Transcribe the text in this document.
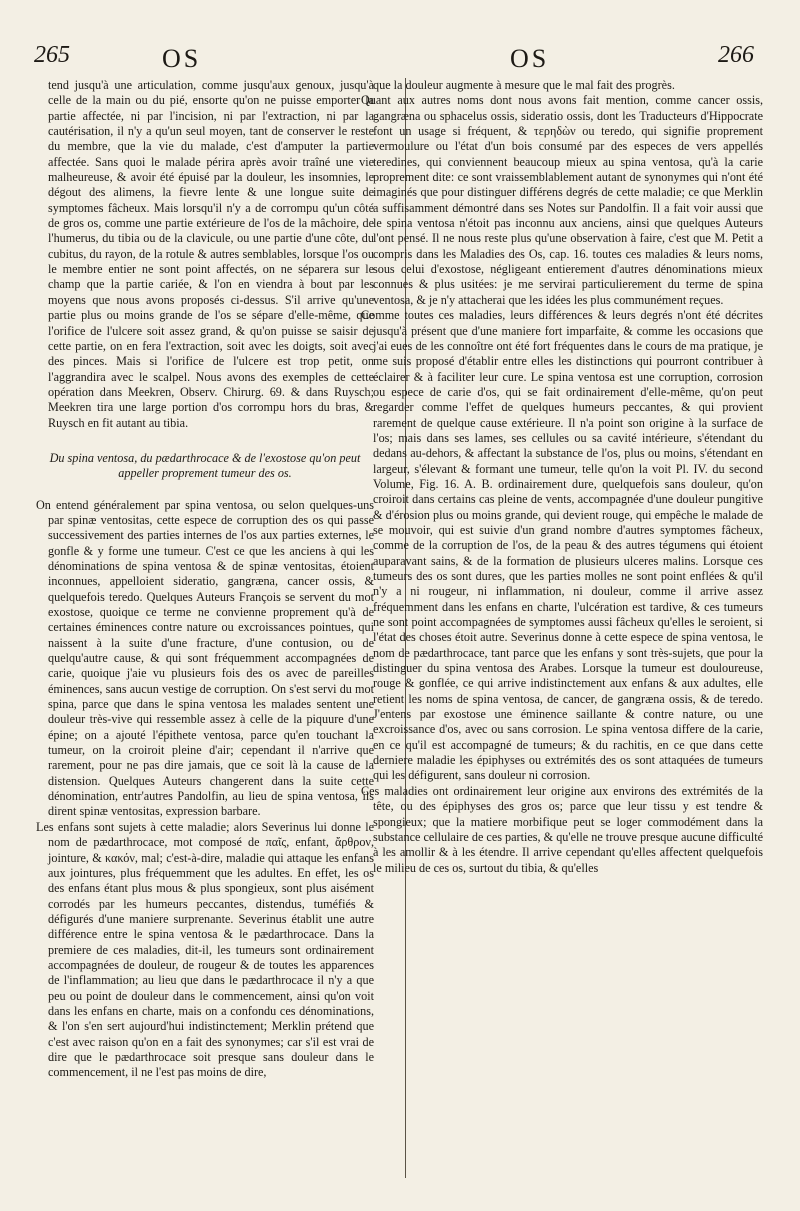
265	OS	OS	266

tend jusqu'à une articulation, comme jusqu'aux genoux, jusqu'à celle de la main ou du pié, ensorte qu'on ne puisse emporter la partie affectée, ni par l'incision, ni par l'extraction, ni par la cautérisation, il n'y a qu'un seul moyen, tant de conserver le reste du membre, que la vie du malade, c'est d'amputer la partie affectée. Sans quoi le malade périra après avoir traîné une vie malheureuse, & avoir été épuisé par la douleur, les insomnies, le dégout des alimens, la fievre lente & une longue suite de symptomes fâcheux. Mais lorsqu'il n'y a de corrompu qu'un côté de gros os, comme une partie extérieure de l'os de la mâchoire, de l'humerus, du tibia ou de la clavicule, ou une partie d'une côte, du cubitus, du rayon, de la rotule & autres semblables, lorsque l'os ou le membre entier ne sont point affectés, on ne séparera sur le champ que la partie cariée, & l'on en viendra à bout par les moyens que nous avons proposés ci-dessus. S'il arrive qu'une partie plus ou moins grande de l'os se sépare d'elle-même, que l'orifice de l'ulcere soit assez grand, & qu'on puisse se saisir de cette partie, on en fera l'extraction, soit avec les doigts, soit avec des pinces. Mais si l'orifice de l'ulcere est trop petit, on l'aggrandira avec le scalpel. Nous avons des exemples de cette opération dans Meekren, Observ. Chirurg. 69. & dans Ruysch; Meekren tira une large portion d'os corrompu hors du bras, & Ruysch en fit autant au tibia.

Du spina ventosa, du pædarthrocace & de l'exostose qu'on peut appeller proprement tumeur des os.

On entend généralement par spina ventosa, ou selon quelques-uns par spinæ ventositas, cette espece de corruption des os qui passe successivement des parties internes de l'os aux parties externes, le gonfle & y forme une tumeur. C'est ce que les anciens à qui les dénominations de spina ventosa & de spinæ ventositas, étoient inconnues, appelloient sideratio, gangræna, cancer ossis, & quelquefois teredo. Quelques Auteurs François se servent du mot exostose, quoique ce terme ne convienne proprement qu'à de certaines éminences contre nature ou excroissances pointues, qui naissent à la suite d'une fracture, d'une contusion, ou de quelqu'autre cause, & qui sont fréquemment accompagnées de carie, quoique j'aie vu plusieurs fois des os avec de pareilles éminences, sans aucun vestige de corruption. On s'est servi du mot spina, parce que dans le spina ventosa les malades sentent une douleur très-vive qui ressemble assez à celle de la piquure d'une épine; on a ajouté l'épithete ventosa, parce qu'en touchant la tumeur, on la croiroit pleine d'air; cependant il n'arrive que rarement, pour ne pas dire jamais, que ce soit là la cause de la distension. Quelques Auteurs changerent dans la suite cette dénomination, entr'autres Pandolfin, au lieu de spina ventosa, ils dirent spinæ ventositas, expression barbare.

Les enfans sont sujets à cette maladie; alors Severinus lui donne le nom de pædarthrocace, mot composé de παῖς, enfant, ἄρθρον, jointure, & κακόν, mal; c'est-à-dire, maladie qui attaque les enfans aux jointures, plus fréquemment que les adultes. En effet, les os des enfans étant plus mous & plus spongieux, sont plus aisément corrodés par les humeurs peccantes, distendus, tuméfiés & défigurés d'une maniere surprenante. Severinus établit une autre différence entre le spina ventosa & le pædarthrocace. Dans la premiere de ces maladies, dit-il, les tumeurs sont ordinairement accompagnées de douleur, de rougeur & de toutes les apparences de l'inflammation; au lieu que dans le pædarthrocace il n'y a que peu ou point de douleur dans le commencement, ainsi qu'on voit dans les enfans en charte, mais on a confondu ces dénominations, & l'on s'en sert aujourd'hui indistinctement; Merklin prétend que c'est avec raison qu'on en a fait des synonymes; car s'il est vrai de dire que le pædarthrocace soit presque sans douleur dans le commencement, il ne l'est pas moins de dire,

que la douleur augmente à mesure que le mal fait des progrès.

Quant aux autres noms dont nous avons fait mention, comme cancer ossis, gangræna ou sphacelus ossis, sideratio ossis, dont les Traducteurs d'Hippocrate font un usage si fréquent, & τερηδὼν ou teredo, qui signifie proprement vermoulure ou l'état d'un bois consumé par des especes de vers appellés teredines, qui conviennent beaucoup mieux au spina ventosa, qu'à la carie proprement dite: ce sont vraissemblablement autant de synonymes qui n'ont été imaginés que pour distinguer différens degrés de cette maladie; ce que Merklin a suffisamment démontré dans ses Notes sur Pandolfin. Il a fait voir aussi que le spina ventosa n'étoit pas inconnu aux anciens, ainsi que quelques Auteurs l'ont pensé. Il ne nous reste plus qu'une observation à faire, c'est que M. Petit a compris dans les Maladies des Os, cap. 16. toutes ces maladies & leurs noms, sous celui d'exostose, négligeant entierement d'autres dénominations mieux connues & plus usitées: je me servirai particulierement du terme de spina ventosa, & je n'y attacherai que les idées les plus communément reçues.

Comme toutes ces maladies, leurs différences & leurs degrés n'ont été décrites jusqu'à présent que d'une maniere fort imparfaite, & comme les occasions que j'ai eues de les connoître ont été fort fréquentes dans le cours de ma pratique, je me suis proposé d'établir entre elles les distinctions qui pourront contribuer à éclairer & à faciliter leur cure. Le spina ventosa est une corruption, corrosion ou espece de carie d'os, qui se fait ordinairement d'elle-même, qu'on peut regarder comme l'effet de quelques humeurs peccantes, & qui provient rarement de quelque cause extérieure. Il n'a point son origine à la surface de l'os; mais dans ses lames, ses cellules ou sa cavité intérieure, s'étendant du dedans au-dehors, & affectant la substance de l'os, plus ou moins, s'étendant en largeur, s'élevant & formant une tumeur, telle qu'on la voit Pl. IV. du second Volume, Fig. 16. A. B. ordinairement dure, quelquefois sans douleur, qu'on croiroit dans certains cas pleine de vents, accompagnée d'une douleur pungitive & d'érosion plus ou moins grande, qui devient rouge, qui empêche le malade de se mouvoir, qui est suivie d'un grand nombre d'autres symptomes fâcheux, comme de la corruption de l'os, de la peau & des autres tégumens qui étoient auparavant sains, & de la formation de plusieurs ulceres malins. Lorsque ces tumeurs des os sont dures, que les parties molles ne sont point enflées & qu'il n'y a ni rougeur, ni inflammation, ni douleur, comme il arrive assez fréquemment dans les enfans en charte, l'ulcération est tardive, & ces tumeurs ne sont point accompagnées de symptomes aussi fâcheux qu'elles le seroient, si l'état des choses étoit autre. Severinus donne à cette espece de spina ventosa, le nom de pædarthrocace, tant parce que les enfans y sont très-sujets, que pour la distinguer du spina ventosa des Arabes. Lorsque la tumeur est douloureuse, rouge & gonflée, ce qui arrive indistinctement aux enfans & aux adultes, elle retient les noms de spina ventosa, de cancer, de gangræna ossis, & de teredo. J'entens par exostose une éminence saillante & contre nature, ou une excroissance d'os, avec ou sans corrosion. Le spina ventosa differe de la carie, en ce qu'il est accompagné de tumeurs; & du rachitis, en ce que dans cette derniere maladie les épiphyses ou extrémités des os sont attaquées de tumeurs qui les défigurent, sans douleur ni corrosion.

Ces maladies ont ordinairement leur origine aux environs des extrémités de la tête, ou des épiphyses des gros os; parce que leur tissu y est tendre & spongieux; que la matiere morbifique peut se loger commodément dans la substance cellulaire de ces parties, & qu'elle ne trouve presque aucune difficulté à les amollir & à les étendre. Il arrive cependant qu'elles affectent quelquefois le milieu de ces os, surtout du tibia, & qu'elles
